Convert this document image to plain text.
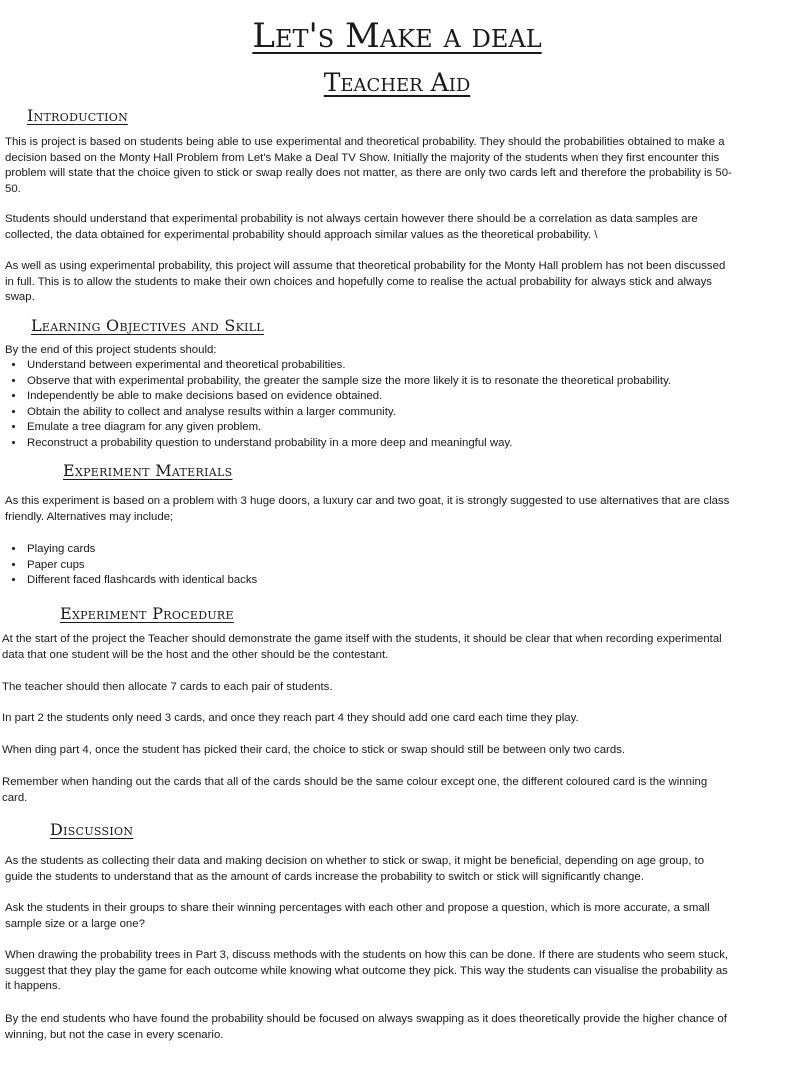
Let's Make a deal
Teacher Aid
Introduction

This is project is based on students being able to use experimental and theoretical probability. They should the probabilities obtained to make a decision based on the Monty Hall Problem from Let's Make a Deal TV Show. Initially the majority of the students when they first encounter this problem will state that the choice given to stick or swap really does not matter, as there are only two cards left and therefore the probability is 50-50.

Students should understand that experimental probability is not always certain however there should be a correlation as data samples are collected, the data obtained for experimental probability should approach similar values as the theoretical probability. \

As well as using experimental probability, this project will assume that theoretical probability for the Monty Hall problem has not been discussed in full. This is to allow the students to make their own choices and hopefully come to realise the actual probability for always stick and always swap.

Learning Objectives and Skill

By the end of this project students should:

• Understand between experimental and theoretical probabilities.
• Observe that with experimental probability, the greater the sample size the more likely it is to resonate the theoretical probability.
• Independently be able to make decisions based on evidence obtained.
• Obtain the ability to collect and analyse results within a larger community.
• Emulate a tree diagram for any given problem.
• Reconstruct a probability question to understand probability in a more deep and meaningful way.
Experiment Materials

As this experiment is based on a problem with 3 huge doors, a luxury car and two goat, it is strongly suggested to use alternatives that are class friendly. Alternatives may include;

• Playing cards
• Paper cups
• Different faced flashcards with identical backs
Experiment Procedure

At the start of the project the Teacher should demonstrate the game itself with the students, it should be clear that when recording experimental data that one student will be the host and the other should be the contestant.

The teacher should then allocate 7 cards to each pair of students.

In part 2 the students only need 3 cards, and once they reach part 4 they should add one card each time they play.

When ding part 4, once the student has picked their card, the choice to stick or swap should still be between only two cards.

Remember when handing out the cards that all of the cards should be the same colour except one, the different coloured card is the winning card.

Discussion

As the students as collecting their data and making decision on whether to stick or swap, it might be beneficial, depending on age group, to guide the students to understand that as the amount of cards increase the probability to switch or stick will significantly change.

Ask the students in their groups to share their winning percentages with each other and propose a question, which is more accurate, a small sample size or a large one?

When drawing the probability trees in Part 3, discuss methods with the students on how this can be done. If there are students who seem stuck, suggest that they play the game for each outcome while knowing what outcome they pick. This way the students can visualise the probability as it happens.

By the end students who have found the probability should be focused on always swapping as it does theoretically provide the higher chance of winning, but not the case in every scenario.
